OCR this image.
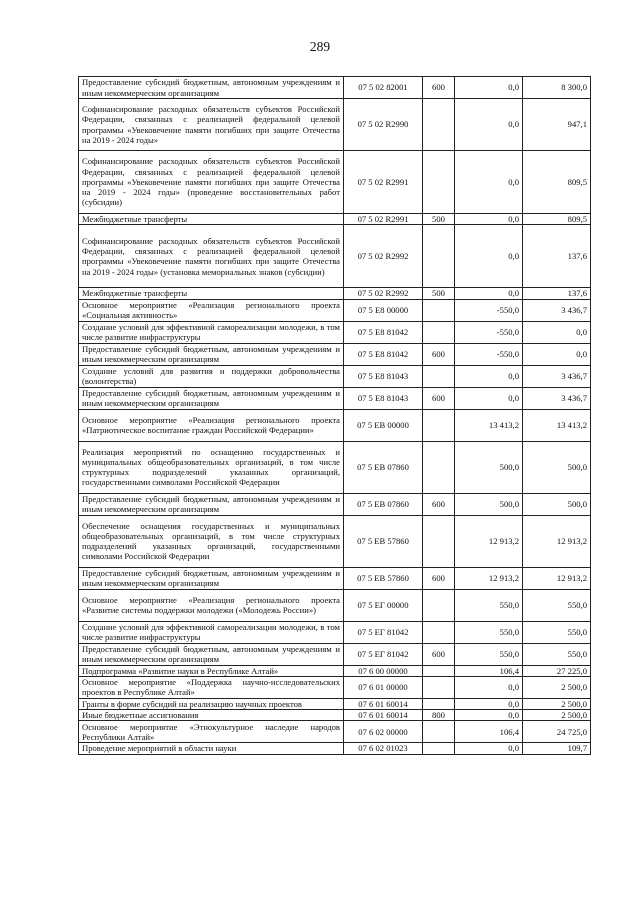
289
Предоставление субсидий бюджетным, автономным учреждениям и иным некоммерческим организациям	07 5 02 82001	600	0,0	8 300,0
Софинансирование расходных обязательств субъектов Российской Федерации, связанных с реализацией федеральной целевой программы «Увековечение памяти погибших при защите Отечества на 2019 - 2024 годы»	07 5 02 R2990		0,0	947,1
Софинансирование расходных обязательств субъектов Российской Федерации, связанных с реализацией федеральной целевой программы «Увековечение памяти погибших при защите Отечества на 2019 - 2024 годы» (проведение восстановительных работ (субсидии)	07 5 02 R2991		0,0	809,5
Межбюджетные трансферты	07 5 02 R2991	500	0,0	809,5
Софинансирование расходных обязательств субъектов Российской Федерации, связанных с реализацией федеральной целевой программы «Увековечение памяти погибших при защите Отечества на 2019 - 2024 годы» (установка мемориальных знаков (субсидии)	07 5 02 R2992		0,0	137,6
Межбюджетные трансферты	07 5 02 R2992	500	0,0	137,6
Основное мероприятие «Реализация регионального проекта «Социальная активность»	07 5 Е8 00000		-550,0	3 436,7
Создание условий для эффективной самореализации молодежи, в том числе развитие инфраструктуры	07 5 Е8 81042		-550,0	0,0
Предоставление субсидий бюджетным, автономным учреждениям и иным некоммерческим организациям	07 5 Е8 81042	600	-550,0	0,0
Создание условий для развития и поддержки добровольчества (волонтерства)	07 5 Е8 81043		0,0	3 436,7
Предоставление субсидий бюджетным, автономным учреждениям и иным некоммерческим организациям	07 5 Е8 81043	600	0,0	3 436,7
Основное мероприятие «Реализация регионального проекта «Патриотическое воспитание граждан Российской Федерации»	07 5 ЕВ 00000		13 413,2	13 413,2
Реализация мероприятий по оснащению государственных и муниципальных общеобразовательных организаций, в том числе структурных подразделений указанных организаций, государственными символами Российской Федерации	07 5 ЕВ 07860		500,0	500,0
Предоставление субсидий бюджетным, автономным учреждениям и иным некоммерческим организациям	07 5 ЕВ 07860	600	500,0	500,0
Обеспечение оснащения государственных и муниципальных общеобразовательных организаций, в том числе структурных подразделений указанных организаций, государственными символами Российской Федерации	07 5 ЕВ 57860		12 913,2	12 913,2
Предоставление субсидий бюджетным, автономным учреждениям и иным некоммерческим организациям	07 5 ЕВ 57860	600	12 913,2	12 913,2
Основное мероприятие «Реализация регионального проекта «Развитие системы поддержки молодежи («Молодежь России»)	07 5 ЕГ 00000		550,0	550,0
Создание условий для эффективной самореализации молодежи, в том числе развитие инфраструктуры	07 5 ЕГ 81042		550,0	550,0
Предоставление субсидий бюджетным, автономным учреждениям и иным некоммерческим организациям	07 5 ЕГ 81042	600	550,0	550,0
Подпрограмма «Развитие науки в Республике Алтай»	07 6 00 00000		106,4	27 225,0
Основное мероприятие «Поддержка научно-исследовательских проектов в Республике Алтай»	07 6 01 00000		0,0	2 500,0
Гранты в форме субсидий на реализацию научных проектов	07 6 01 60014		0,0	2 500,0
Иные бюджетные ассигнования	07 6 01 60014	800	0,0	2 500,0
Основное мероприятие «Этнокультурное наследие народов Республики Алтай»	07 6 02 00000		106,4	24 725,0
Проведение мероприятий в области науки	07 6 02 01023		0,0	109,7
